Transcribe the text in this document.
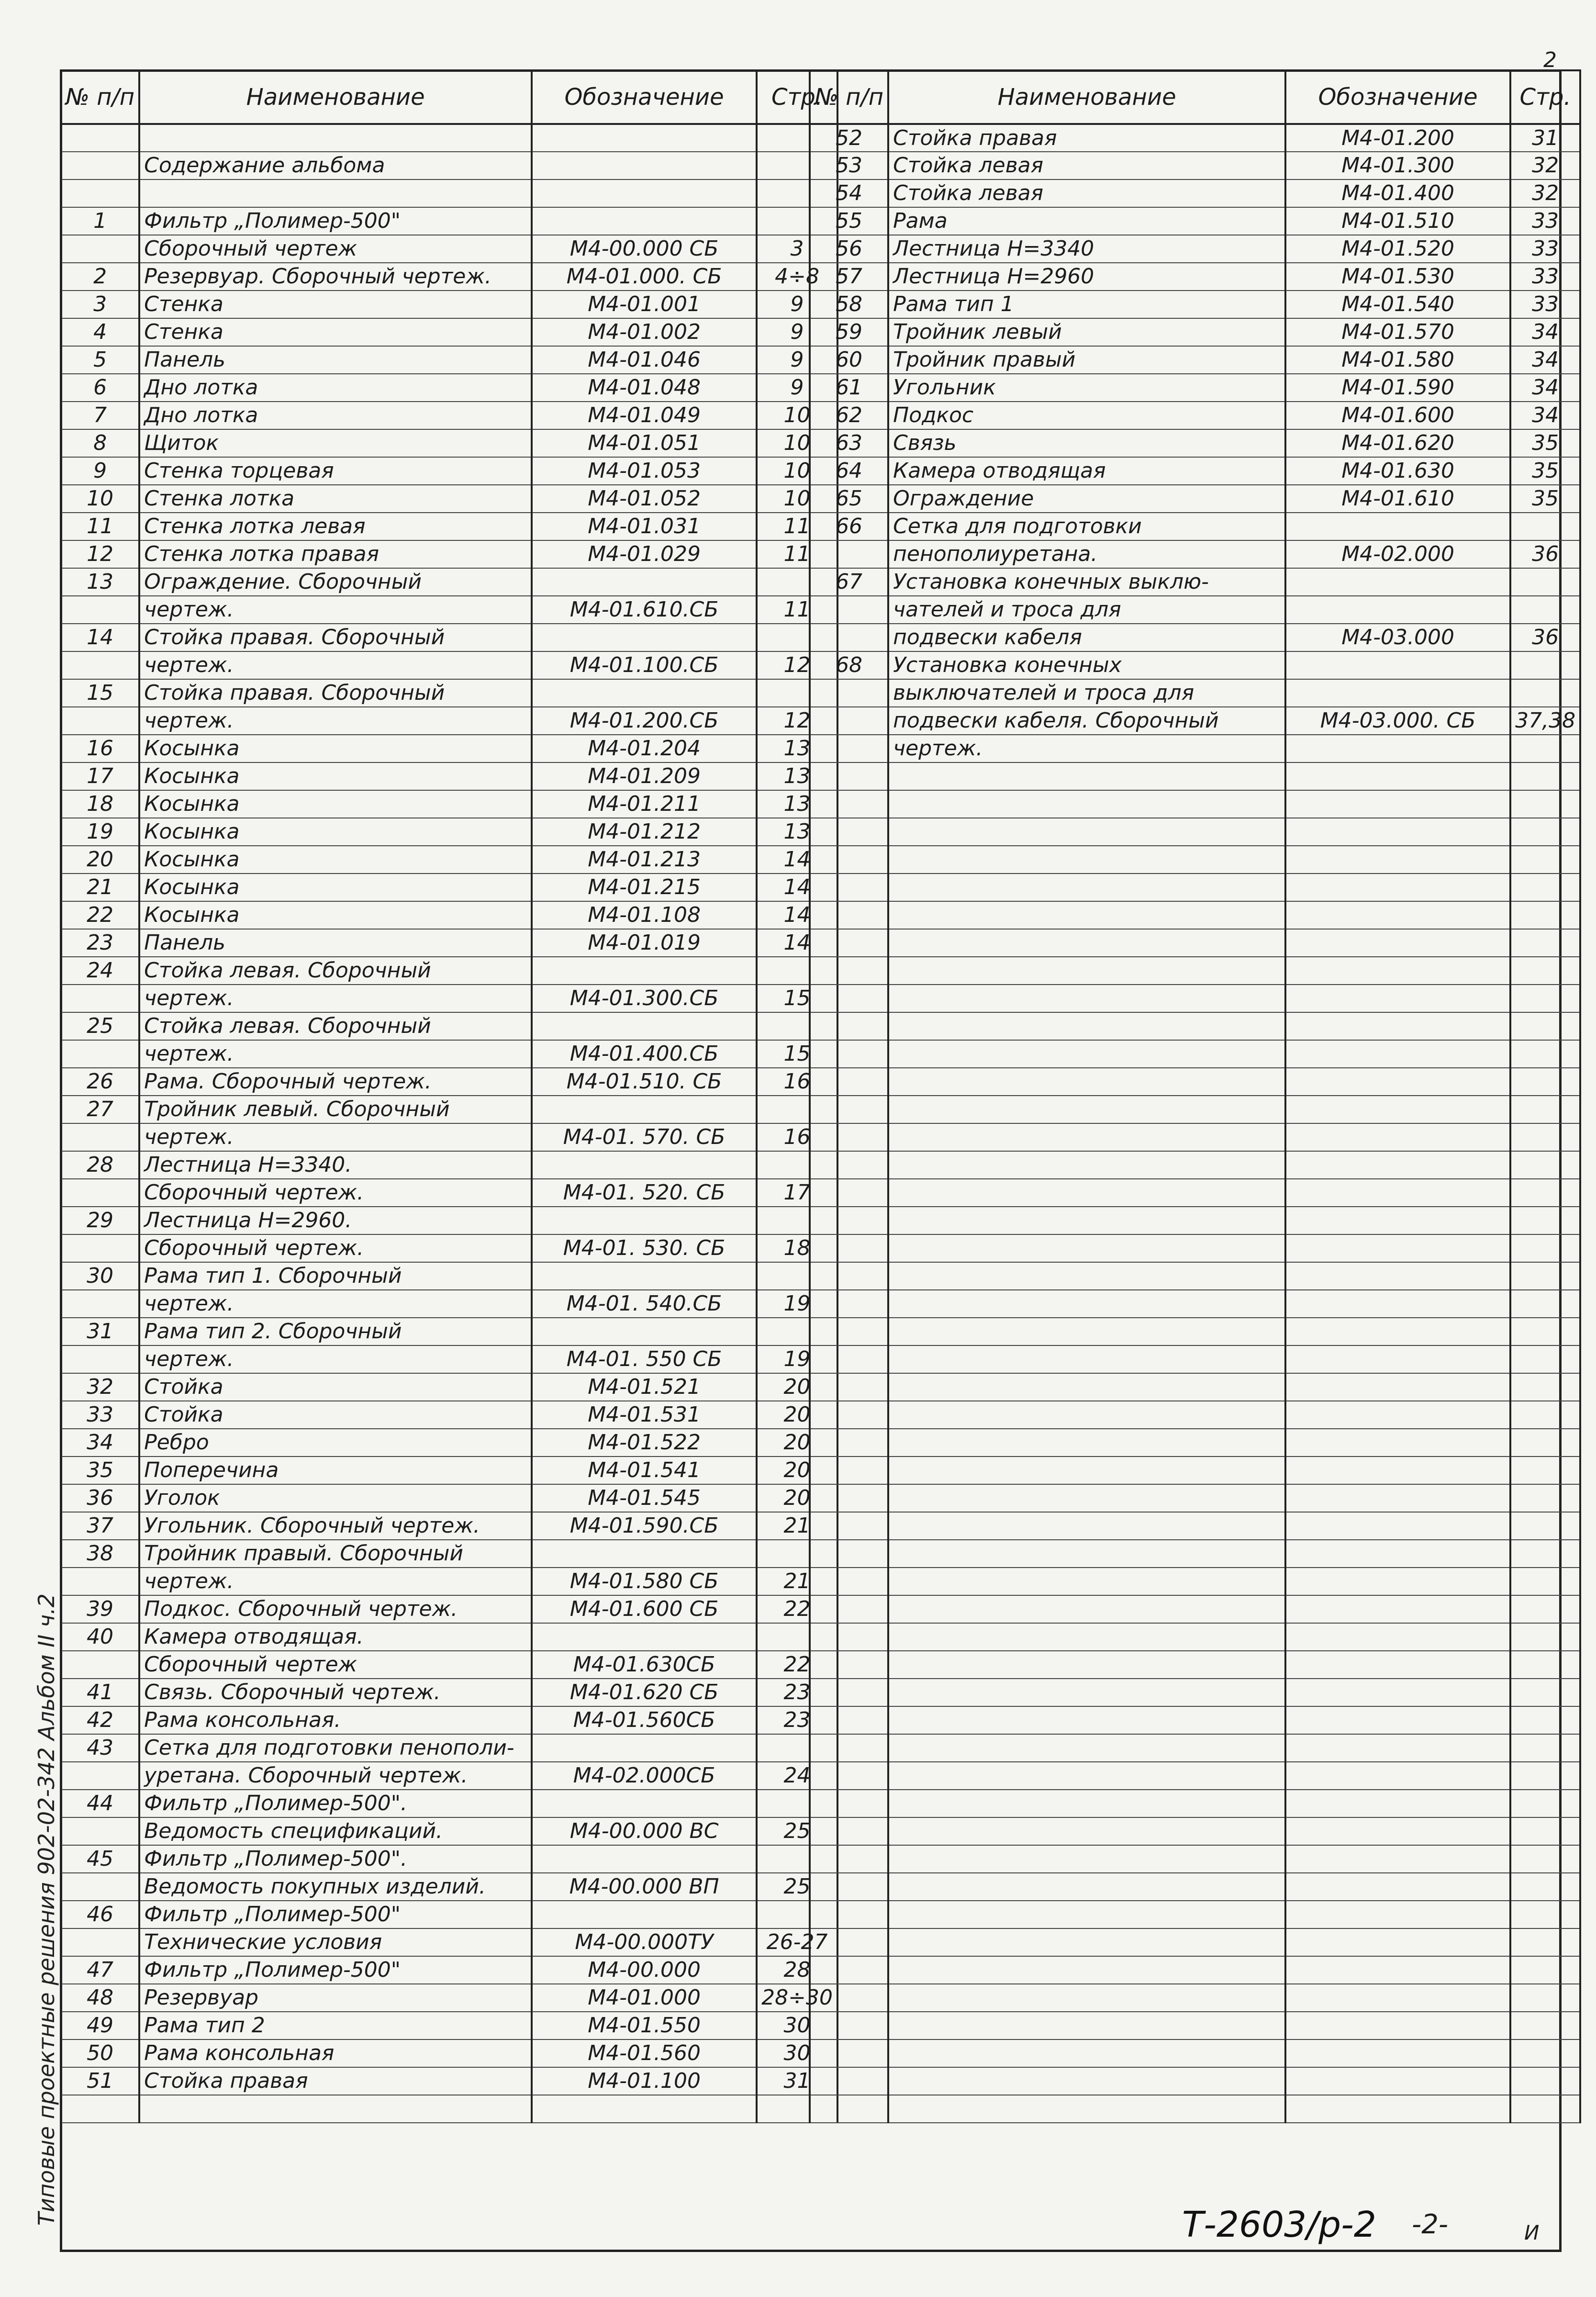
Типовые проектные решения 902-02-342 Альбом II ч.2
2
№ п/п	Наименование	Обозначение	Стр.

	Содержание альбома		

1	Фильтр „Полимер-500"		
	Сборочный чертеж	М4-00.000 СБ	3
2	Резервуар. Сборочный чертеж.	М4-01.000. СБ	4÷8
3	Стенка	М4-01.001	9
4	Стенка	М4-01.002	9
5	Панель	М4-01.046	9
6	Дно лотка	М4-01.048	9
7	Дно лотка	М4-01.049	10
8	Щиток	М4-01.051	10
9	Стенка торцевая	М4-01.053	10
10	Стенка лотка	М4-01.052	10
11	Стенка лотка левая	М4-01.031	11
12	Стенка лотка правая	М4-01.029	11
13	Ограждение. Сборочный		
	чертеж.	М4-01.610.СБ	11
14	Стойка правая. Сборочный		
	чертеж.	М4-01.100.СБ	12
15	Стойка правая. Сборочный		
	чертеж.	М4-01.200.СБ	12
16	Косынка	М4-01.204	13
17	Косынка	М4-01.209	13
18	Косынка	М4-01.211	13
19	Косынка	М4-01.212	13
20	Косынка	М4-01.213	14
21	Косынка	М4-01.215	14
22	Косынка	М4-01.108	14
23	Панель	М4-01.019	14
24	Стойка левая. Сборочный		
	чертеж.	М4-01.300.СБ	15
25	Стойка левая. Сборочный		
	чертеж.	М4-01.400.СБ	15
26	Рама. Сборочный чертеж.	М4-01.510. СБ	16
27	Тройник левый. Сборочный		
	чертеж.	М4-01. 570. СБ	16
28	Лестница Н=3340.		
	Сборочный чертеж.	М4-01. 520. СБ	17
29	Лестница Н=2960.		
	Сборочный чертеж.	М4-01. 530. СБ	18
30	Рама тип 1. Сборочный		
	чертеж.	М4-01. 540.СБ	19
31	Рама тип 2. Сборочный		
	чертеж.	М4-01. 550 СБ	19
32	Стойка	М4-01.521	20
33	Стойка	М4-01.531	20
34	Ребро	М4-01.522	20
35	Поперечина	М4-01.541	20
36	Уголок	М4-01.545	20
37	Угольник. Сборочный чертеж.	М4-01.590.СБ	21
38	Тройник правый. Сборочный		
	чертеж.	М4-01.580 СБ	21
39	Подкос. Сборочный чертеж.	М4-01.600 СБ	22
40	Камера отводящая.		
	Сборочный чертеж	М4-01.630СБ	22
41	Связь. Сборочный чертеж.	М4-01.620 СБ	23
42	Рама консольная.	М4-01.560СБ	23
43	Сетка для подготовки пенополи-		
	уретана. Сборочный чертеж.	М4-02.000СБ	24
44	Фильтр „Полимер-500".		
	Ведомость спецификаций.	М4-00.000 ВС	25
45	Фильтр „Полимер-500".		
	Ведомость покупных изделий.	М4-00.000 ВП	25
46	Фильтр „Полимер-500"		
	Технические условия	М4-00.000ТУ	26-27
47	Фильтр „Полимер-500"	М4-00.000	28
48	Резервуар	М4-01.000	28÷30
49	Рама тип 2	М4-01.550	30
50	Рама консольная	М4-01.560	30
51	Стойка правая	М4-01.100	31

№ п/п	Наименование	Обозначение	Стр.
52	Стойка правая	М4-01.200	31
53	Стойка левая	М4-01.300	32
54	Стойка левая	М4-01.400	32
55	Рама	М4-01.510	33
56	Лестница Н=3340	М4-01.520	33
57	Лестница Н=2960	М4-01.530	33
58	Рама тип 1	М4-01.540	33
59	Тройник левый	М4-01.570	34
60	Тройник правый	М4-01.580	34
61	Угольник	М4-01.590	34
62	Подкос	М4-01.600	34
63	Связь	М4-01.620	35
64	Камера отводящая	М4-01.630	35
65	Ограждение	М4-01.610	35
66	Сетка для подготовки		
	пенополиуретана.	М4-02.000	36
67	Установка конечных выклю-		
	чателей и троса для		
	подвески кабеля	М4-03.000	36
68	Установка конечных		
	выключателей и троса для		
	подвески кабеля. Сборочный	М4-03.000. СБ	37,38
	чертеж.		

Т-2603/р-2 -2-	И
